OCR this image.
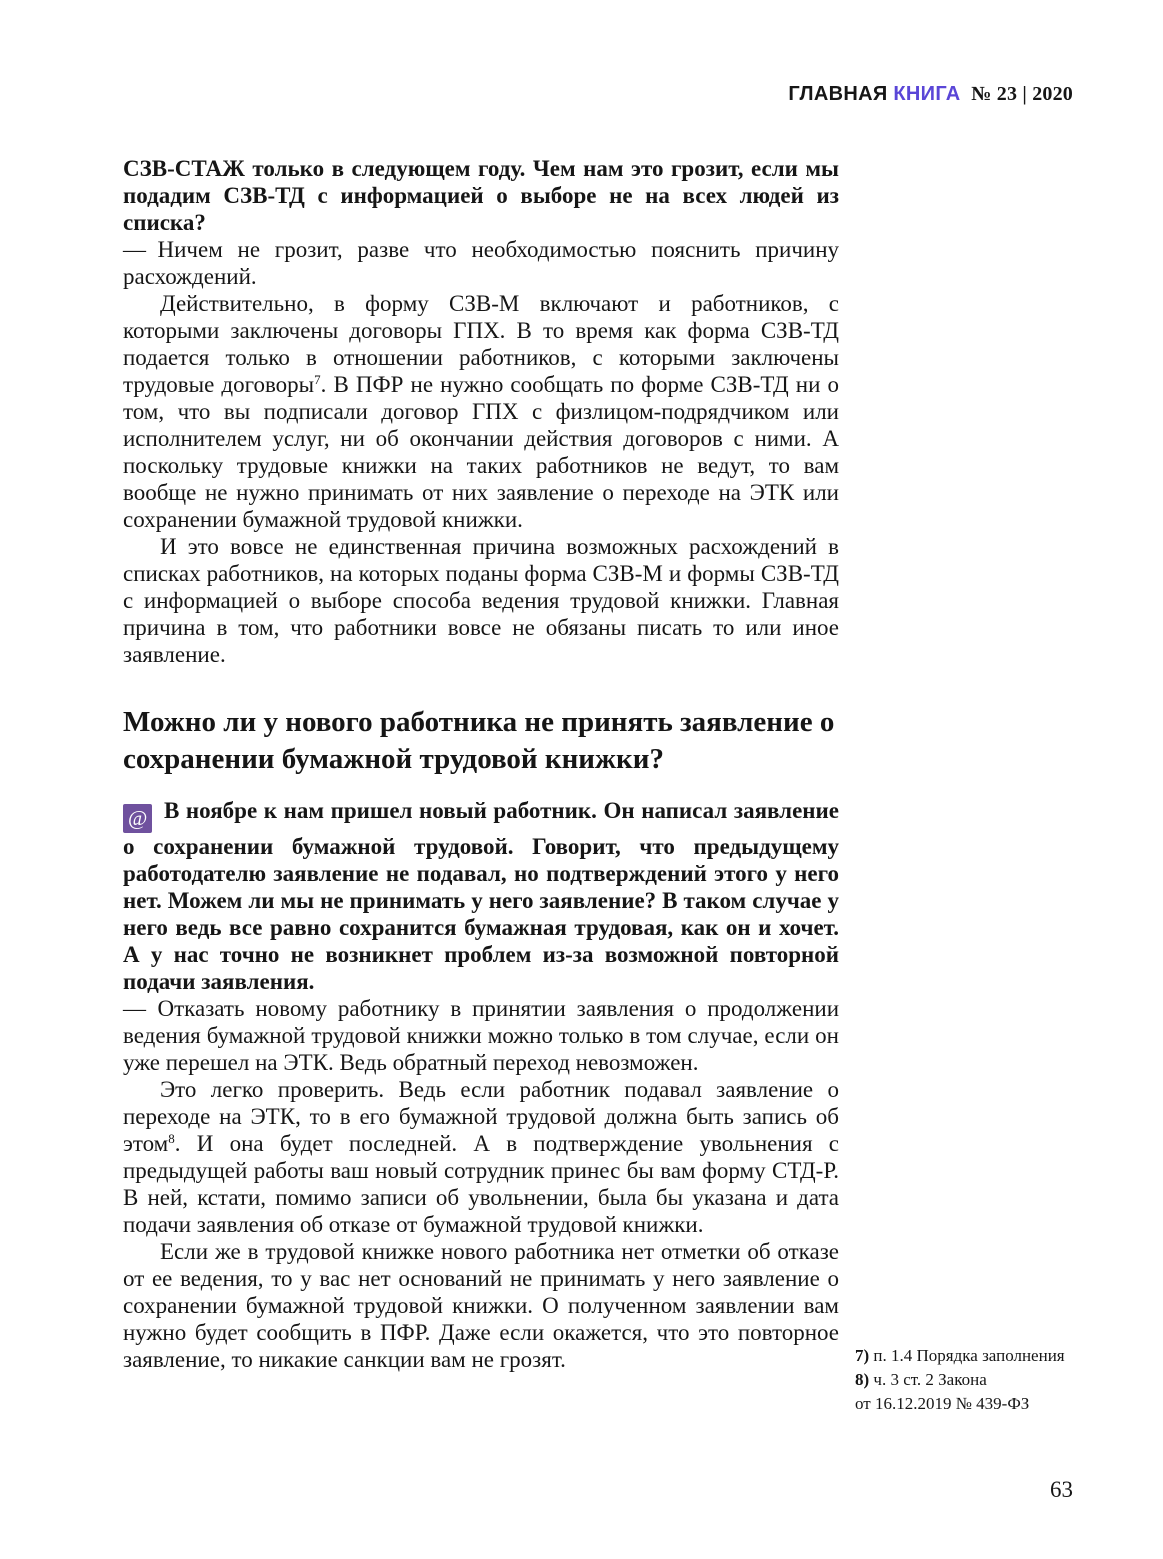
ГЛАВНАЯ КНИГА № 23 | 2020

СЗВ-СТАЖ только в следующем году. Чем нам это грозит, если мы подадим СЗВ-ТД с информацией о выборе не на всех людей из списка?

— Ничем не грозит, разве что необходимостью пояснить причину расхождений.

Действительно, в форму СЗВ-М включают и работников, с которыми заключены договоры ГПХ. В то время как форма СЗВ-ТД подается только в отношении работников, с которыми заключены трудовые договоры$^7$. В ПФР не нужно сообщать по форме СЗВ-ТД ни о том, что вы подписали договор ГПХ с физлицом-подрядчиком или исполнителем услуг, ни об окончании действия договоров с ними. А поскольку трудовые книжки на таких работников не ведут, то вам вообще не нужно принимать от них заявление о переходе на ЭТК или сохранении бумажной трудовой книжки.

И это вовсе не единственная причина возможных расхождений в списках работников, на которых поданы форма СЗВ-М и формы СЗВ-ТД с информацией о выборе способа ведения трудовой книжки. Главная причина в том, что работники вовсе не обязаны писать то или иное заявление.

Можно ли у нового работника не принять заявление о сохранении бумажной трудовой книжки?

@ В ноябре к нам пришел новый работник. Он написал заявление о сохранении бумажной трудовой. Говорит, что предыдущему работодателю заявление не подавал, но подтверждений этого у него нет. Можем ли мы не принимать у него заявление? В таком случае у него ведь все равно сохранится бумажная трудовая, как он и хочет. А у нас точно не возникнет проблем из-за возможной повторной подачи заявления.

— Отказать новому работнику в принятии заявления о продолжении ведения бумажной трудовой книжки можно только в том случае, если он уже перешел на ЭТК. Ведь обратный переход невозможен.

Это легко проверить. Ведь если работник подавал заявление о переходе на ЭТК, то в его бумажной трудовой должна быть запись об этом$^8$. И она будет последней. А в подтверждение увольнения с предыдущей работы ваш новый сотрудник принес бы вам форму СТД-Р. В ней, кстати, помимо записи об увольнении, была бы указана и дата подачи заявления об отказе от бумажной трудовой книжки.

Если же в трудовой книжке нового работника нет отметки об отказе от ее ведения, то у вас нет оснований не принимать у него заявление о сохранении бумажной трудовой книжки. О полученном заявлении вам нужно будет сообщить в ПФР. Даже если окажется, что это повторное заявление, то никакие санкции вам не грозят.	7) п. 1.4 Порядка заполнения

8) ч. 3 ст. 2 Закона
от 16.12.2019 № 439-ФЗ

63
